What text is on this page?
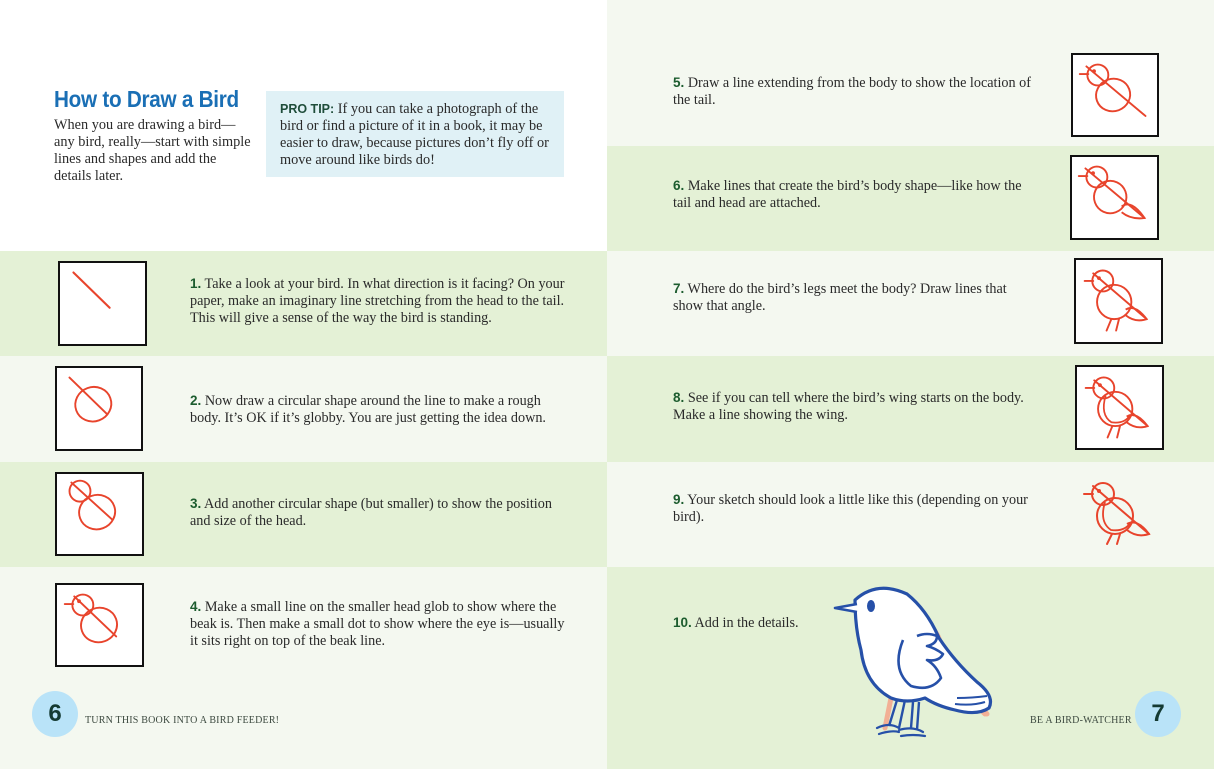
How to Draw a Bird
When you are drawing a bird—any bird, really—start with simple lines and shapes and add the details later.
PRO TIP: If you can take a photograph of the bird or find a picture of it in a book, it may be easier to draw, because pictures don’t fly off or move around like birds do!
1. Take a look at your bird. In what direction is it facing? On your paper, make an imaginary line stretching from the head to the tail. This will give a sense of the way the bird is standing.
2. Now draw a circular shape around the line to make a rough body. It’s OK if it’s globby. You are just getting the idea down.
3. Add another circular shape (but smaller) to show the position and size of the head.
4. Make a small line on the smaller head glob to show where the beak is. Then make a small dot to show where the eye is—usually it sits right on top of the beak line.
6	TURN THIS BOOK INTO A BIRD FEEDER!
5. Draw a line extending from the body to show the location of the tail.
6. Make lines that create the bird’s body shape—like how the tail and head are attached.
7. Where do the bird’s legs meet the body? Draw lines that show that angle.
8. See if you can tell where the bird’s wing starts on the body. Make a line showing the wing.
9. Your sketch should look a little like this (depending on your bird).
10. Add in the details.
BE A BIRD-WATCHER 7
